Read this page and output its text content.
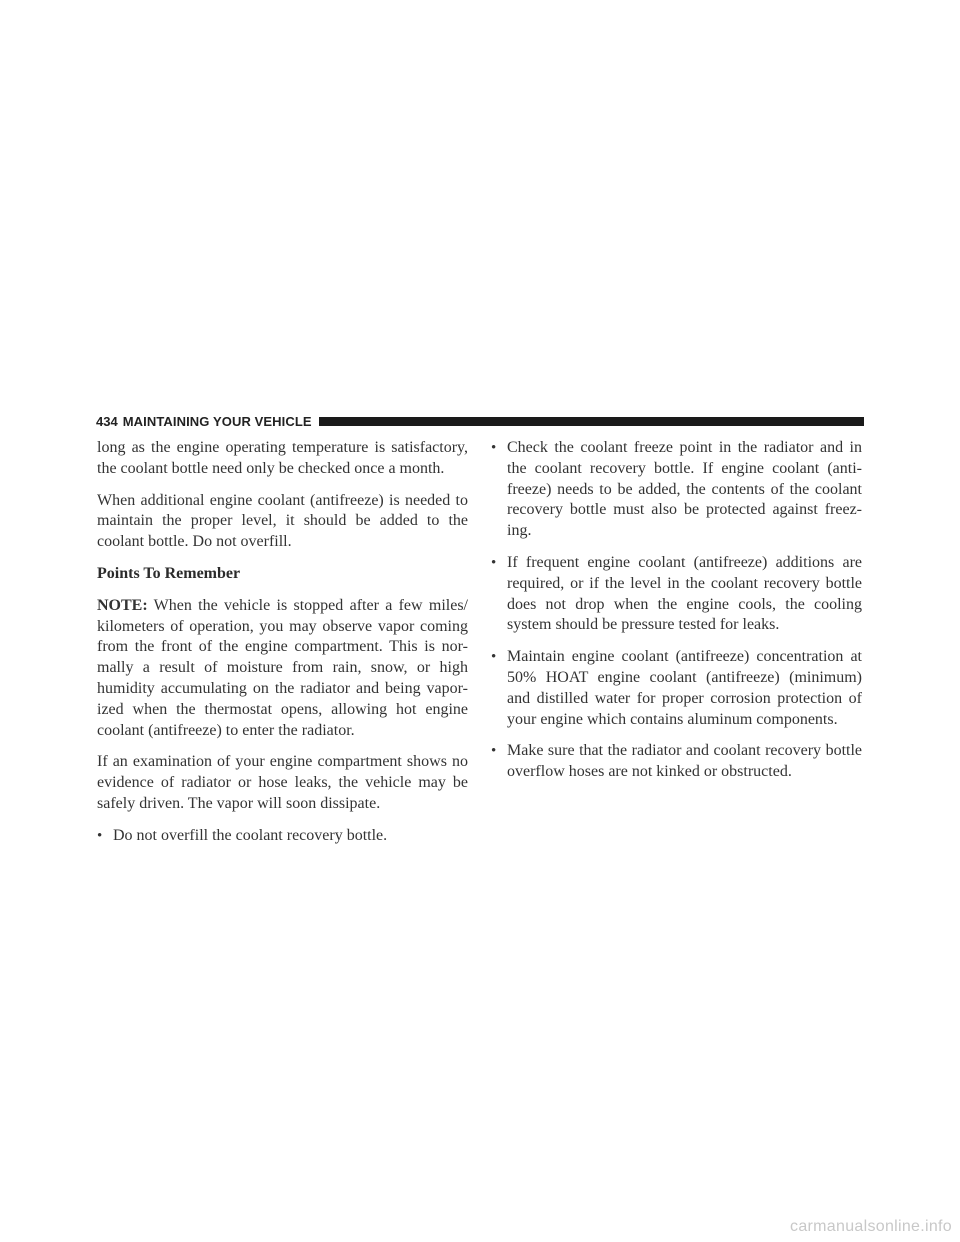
434 MAINTAINING YOUR VEHICLE

long as the engine operating temperature is satisfactory, the coolant bottle need only be checked once a month.

When additional engine coolant (antifreeze) is needed to maintain the proper level, it should be added to the coolant bottle. Do not overfill.

Points To Remember

NOTE: When the vehicle is stopped after a few miles/ kilometers of operation, you may observe vapor coming from the front of the engine compartment. This is nor- mally a result of moisture from rain, snow, or high humidity accumulating on the radiator and being vapor- ized when the thermostat opens, allowing hot engine coolant (antifreeze) to enter the radiator.

If an examination of your engine compartment shows no evidence of radiator or hose leaks, the vehicle may be safely driven. The vapor will soon dissipate.

• Do not overfill the coolant recovery bottle.
• Check the coolant freeze point in the radiator and in the coolant recovery bottle. If engine coolant (anti- freeze) needs to be added, the contents of the coolant recovery bottle must also be protected against freez- ing.
• If frequent engine coolant (antifreeze) additions are required, or if the level in the coolant recovery bottle does not drop when the engine cools, the cooling system should be pressure tested for leaks.
• Maintain engine coolant (antifreeze) concentration at 50% HOAT engine coolant (antifreeze) (minimum) and distilled water for proper corrosion protection of your engine which contains aluminum components.
• Make sure that the radiator and coolant recovery bottle overflow hoses are not kinked or obstructed.
carmanualsonline.info
